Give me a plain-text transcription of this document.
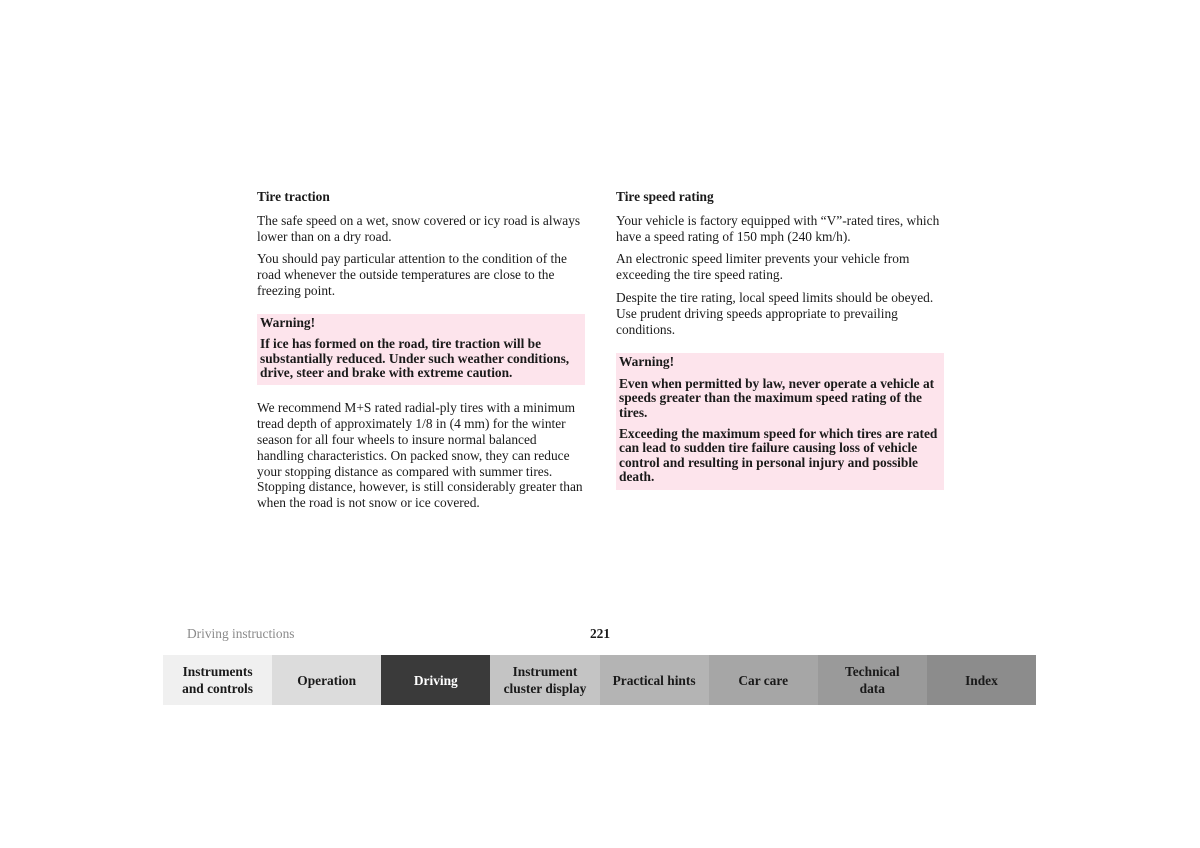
Tire traction
The safe speed on a wet, snow covered or icy road is always lower than on a dry road.
You should pay particular attention to the condition of the road whenever the outside temperatures are close to the freezing point.
Warning!
If ice has formed on the road, tire traction will be substantially reduced. Under such weather conditions, drive, steer and brake with extreme caution.
We recommend M+S rated radial-ply tires with a minimum tread depth of approximately 1/8 in (4 mm) for the winter season for all four wheels to insure normal balanced handling characteristics. On packed snow, they can reduce your stopping distance as compared with summer tires. Stopping distance, however, is still considerably greater than when the road is not snow or ice covered.
Tire speed rating
Your vehicle is factory equipped with “V”-rated tires, which have a speed rating of 150 mph (240 km/h).
An electronic speed limiter prevents your vehicle from exceeding the tire speed rating.
Despite the tire rating, local speed limits should be obeyed. Use prudent driving speeds appropriate to prevailing conditions.
Warning!
Even when permitted by law, never operate a vehicle at speeds greater than the maximum speed rating of the tires.
Exceeding the maximum speed for which tires are rated can lead to sudden tire failure causing loss of vehicle control and resulting in personal injury and possible death.
Driving instructions	221
Instruments
and controls
Operation	Driving
Instrument
cluster display
Practical hints	Car care
Technical
data
Index
